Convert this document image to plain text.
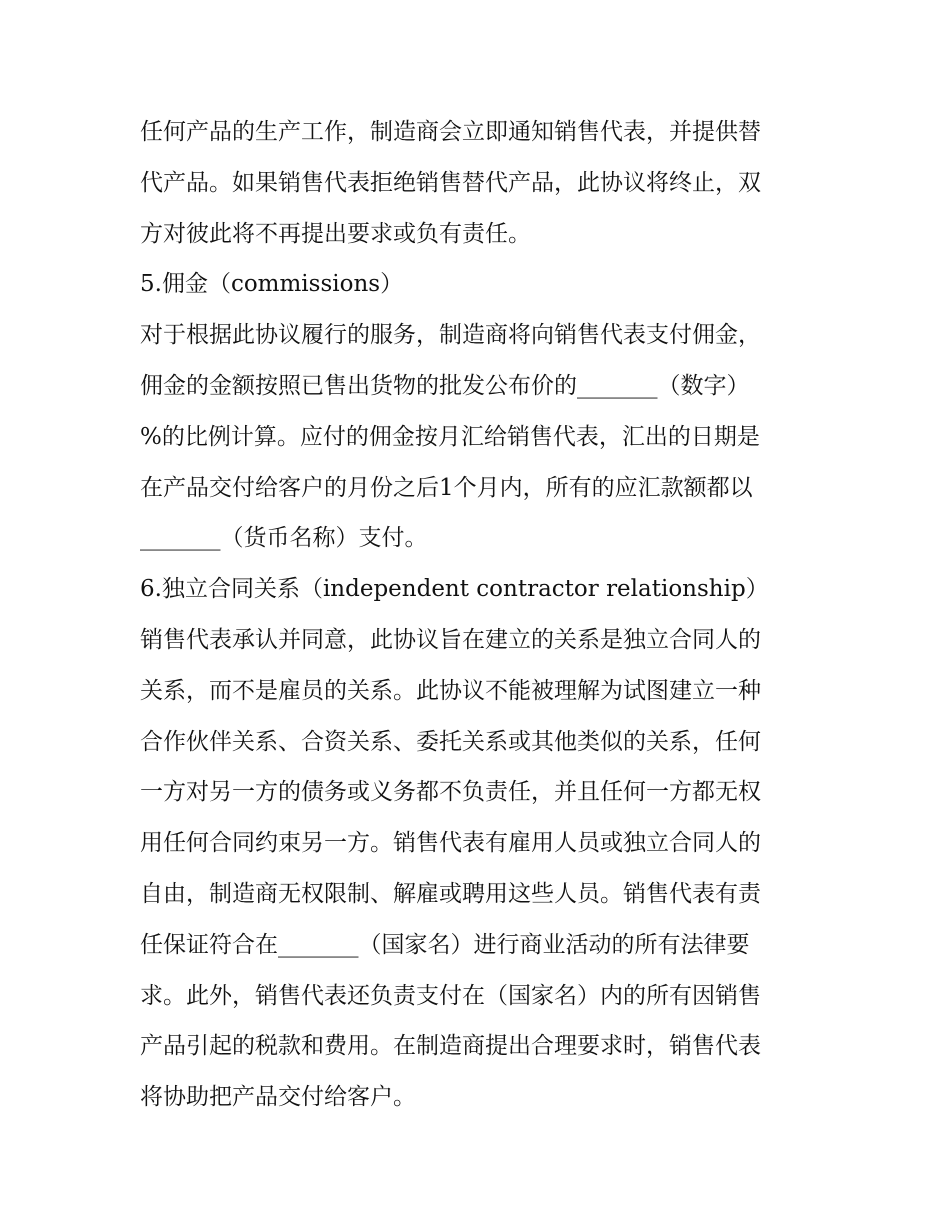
任何产品的生产工作，制造商会立即通知销售代表，并提供替
代产品。如果销售代表拒绝销售替代产品，此协议将终止，双
方对彼此将不再提出要求或负有责任。
5.佣金（commissions）
对于根据此协议履行的服务，制造商将向销售代表支付佣金，
佣金的金额按照已售出货物的批发公布价的_______（数字）
%的比例计算。应付的佣金按月汇给销售代表，汇出的日期是
在产品交付给客户的月份之后1个月内，所有的应汇款额都以
_______（货币名称）支付。
6.独立合同关系（independent contractor relationship）
销售代表承认并同意，此协议旨在建立的关系是独立合同人的
关系，而不是雇员的关系。此协议不能被理解为试图建立一种
合作伙伴关系、合资关系、委托关系或其他类似的关系，任何
一方对另一方的债务或义务都不负责任，并且任何一方都无权
用任何合同约束另一方。销售代表有雇用人员或独立合同人的
自由，制造商无权限制、解雇或聘用这些人员。销售代表有责
任保证符合在_______（国家名）进行商业活动的所有法律要
求。此外，销售代表还负责支付在（国家名）内的所有因销售
产品引起的税款和费用。在制造商提出合理要求时，销售代表
将协助把产品交付给客户。
